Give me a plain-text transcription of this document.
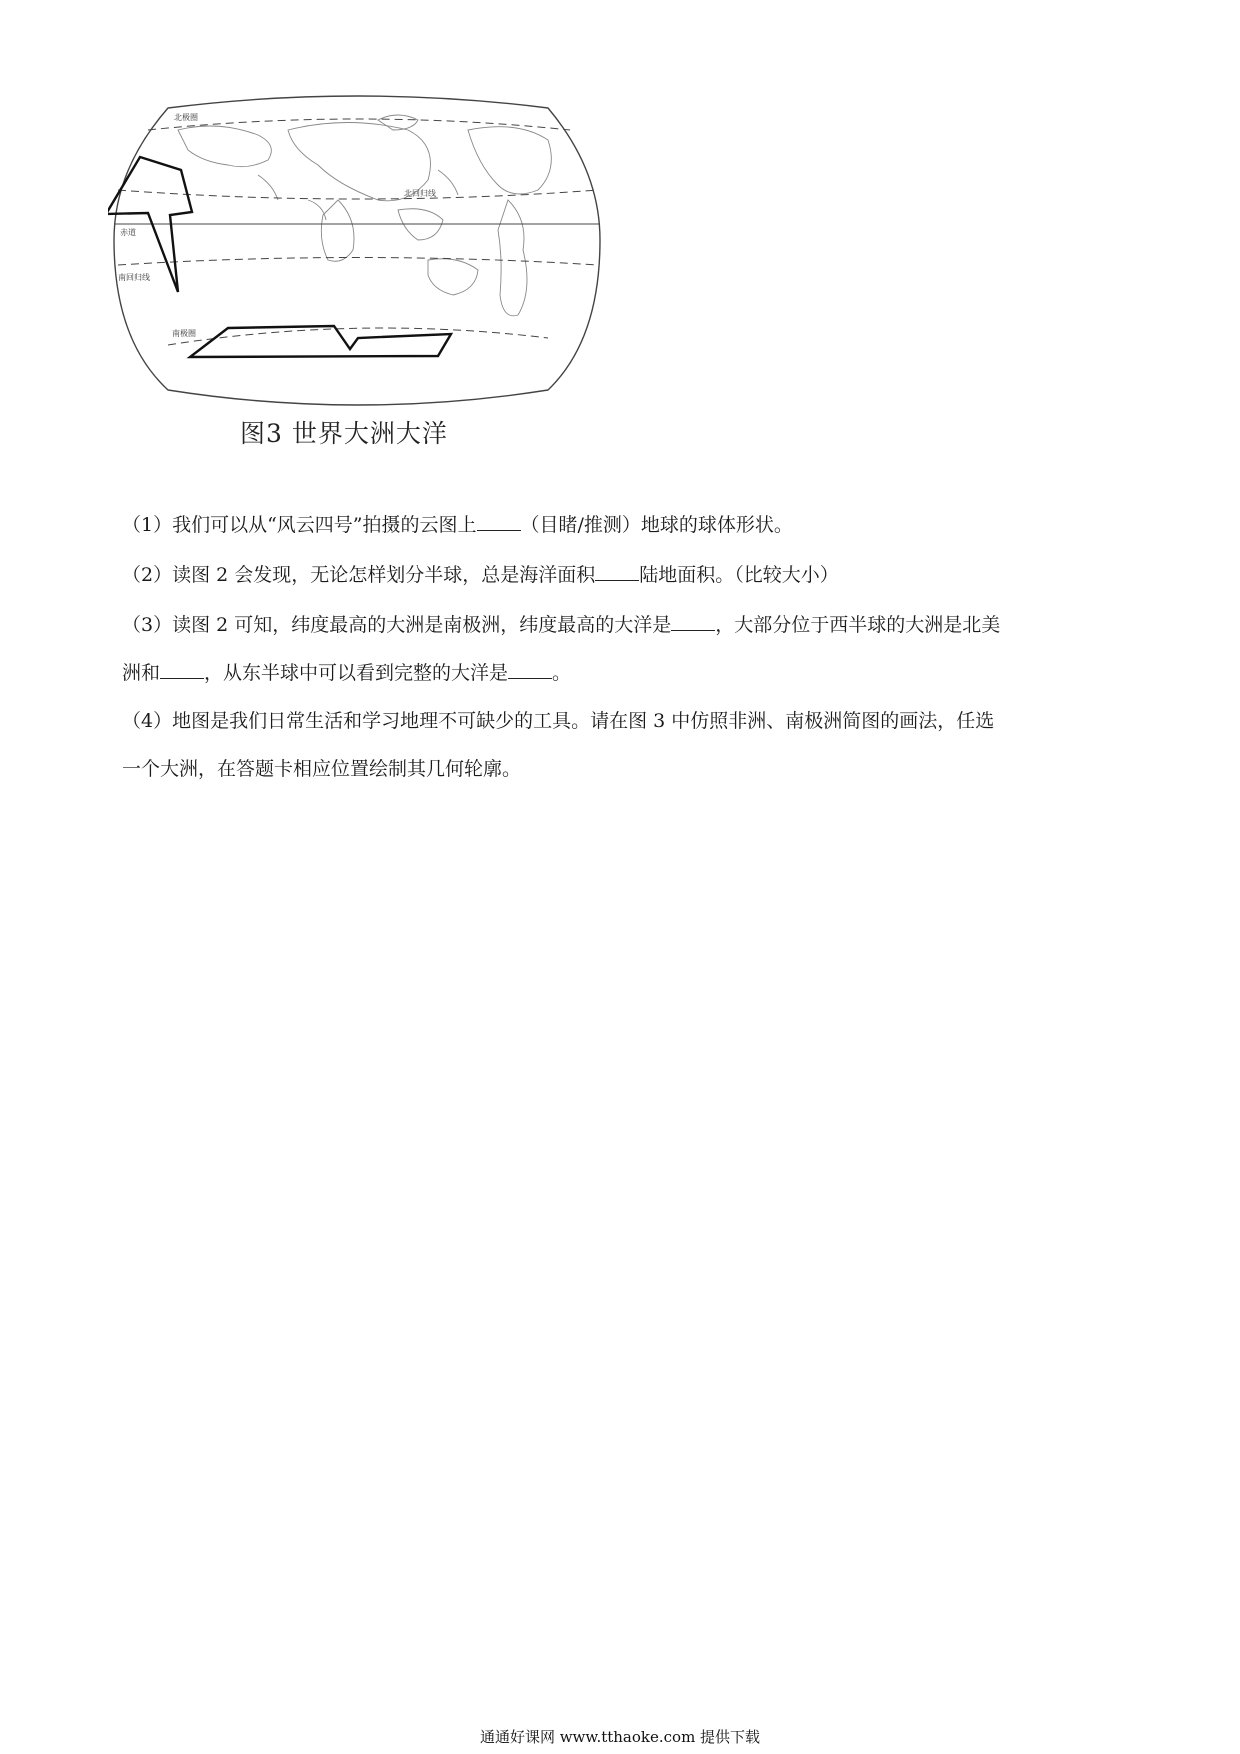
北极圈
北回归线
赤道
南回归线
南极圈
图3 世界大洲大洋
（1）我们可以从“风云四号”拍摄的云图上 （目睹/推测）地球的球体形状。
（2）读图 2 会发现，无论怎样划分半球，总是海洋面积 陆地面积。（比较大小）
（3）读图 2 可知，纬度最高的大洲是南极洲，纬度最高的大洋是 ，大部分位于西半球的大洲是北美
洲和 ，从东半球中可以看到完整的大洋是 。
（4）地图是我们日常生活和学习地理不可缺少的工具。请在图 3 中仿照非洲、南极洲简图的画法，任选
一个大洲，在答题卡相应位置绘制其几何轮廓。
通通好课网 www.tthaoke.com 提供下载
